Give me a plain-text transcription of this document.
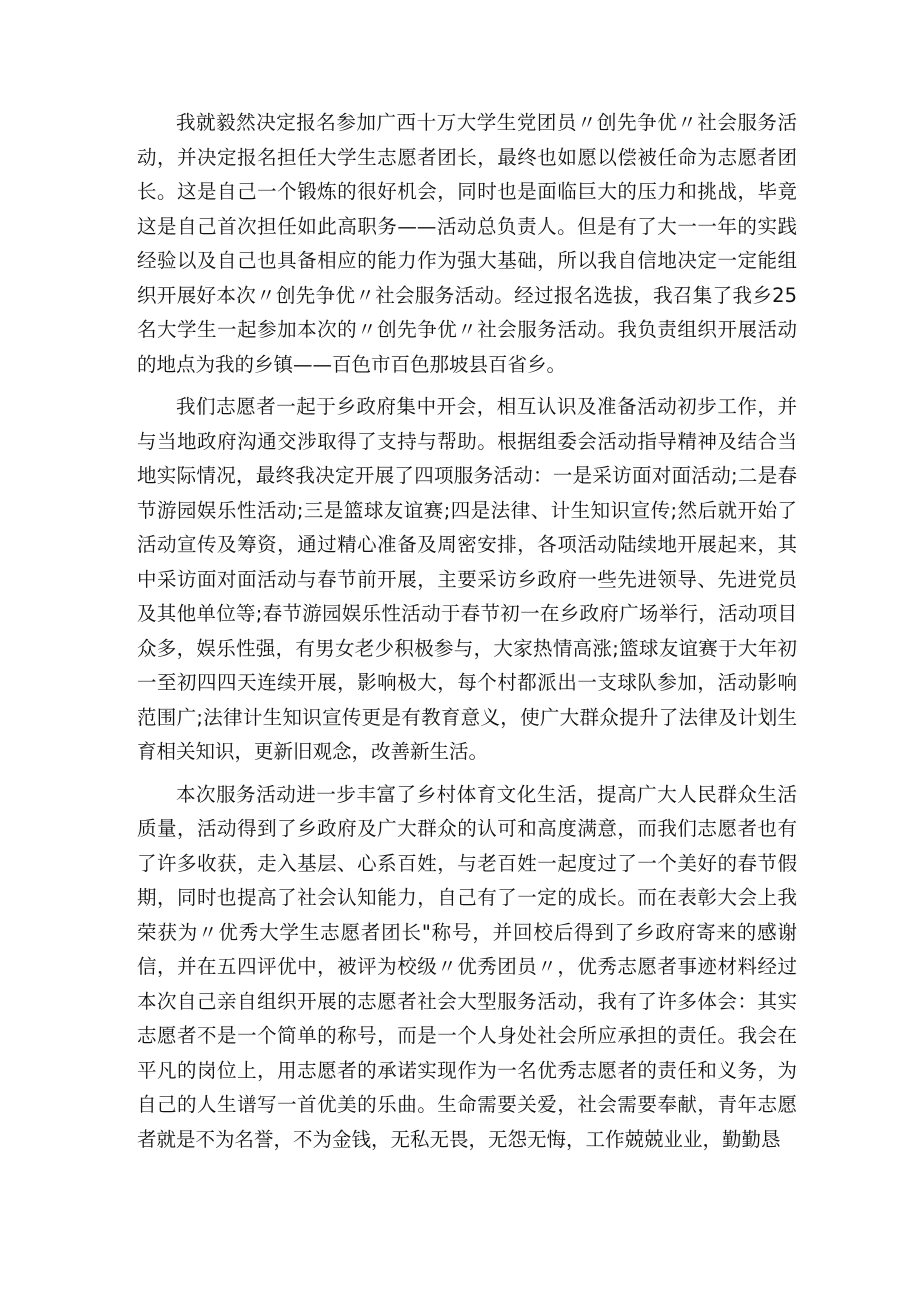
我就毅然决定报名参加广西十万大学生党团员〃创先争优〃社会服务活动，并决定报名担任大学生志愿者团长，最终也如愿以偿被任命为志愿者团长。这是自己一个锻炼的很好机会，同时也是面临巨大的压力和挑战，毕竟这是自己首次担任如此高职务——活动总负责人。但是有了大一一年的实践经验以及自己也具备相应的能力作为强大基础，所以我自信地决定一定能组织开展好本次〃创先争优〃社会服务活动。经过报名选拔，我召集了我乡25名大学生一起参加本次的〃创先争优〃社会服务活动。我负责组织开展活动的地点为我的乡镇——百色市百色那坡县百省乡。

我们志愿者一起于乡政府集中开会，相互认识及准备活动初步工作，并与当地政府沟通交涉取得了支持与帮助。根据组委会活动指导精神及结合当地实际情况，最终我决定开展了四项服务活动：一是采访面对面活动;二是春节游园娱乐性活动;三是篮球友谊赛;四是法律、计生知识宣传;然后就开始了活动宣传及筹资，通过精心准备及周密安排，各项活动陆续地开展起来，其中采访面对面活动与春节前开展，主要采访乡政府一些先进领导、先进党员及其他单位等;春节游园娱乐性活动于春节初一在乡政府广场举行，活动项目众多，娱乐性强，有男女老少积极参与，大家热情高涨;篮球友谊赛于大年初一至初四四天连续开展，影响极大，每个村都派出一支球队参加，活动影响范围广;法律计生知识宣传更是有教育意义，使广大群众提升了法律及计划生育相关知识，更新旧观念，改善新生活。

本次服务活动进一步丰富了乡村体育文化生活，提高广大人民群众生活质量，活动得到了乡政府及广大群众的认可和高度满意，而我们志愿者也有了许多收获，走入基层、心系百姓，与老百姓一起度过了一个美好的春节假期，同时也提高了社会认知能力，自己有了一定的成长。而在表彰大会上我荣获为〃优秀大学生志愿者团长"称号，并回校后得到了乡政府寄来的感谢信，并在五四评优中，被评为校级〃优秀团员〃，优秀志愿者事迹材料经过本次自己亲自组织开展的志愿者社会大型服务活动，我有了许多体会：其实志愿者不是一个简单的称号，而是一个人身处社会所应承担的责任。我会在平凡的岗位上，用志愿者的承诺实现作为一名优秀志愿者的责任和义务，为自己的人生谱写一首优美的乐曲。生命需要关爱，社会需要奉献，青年志愿者就是不为名誉，不为金钱，无私无畏，无怨无悔，工作兢兢业业，勤勤恳
